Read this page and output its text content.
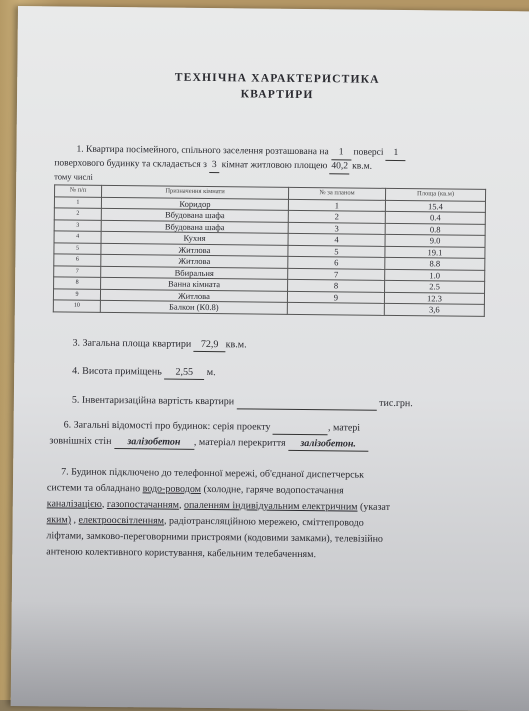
ТЕХНІЧНА ХАРАКТЕРИСТИКА
КВАРТИРИ
1. Квартира посімейного, спільного заселення розташована на 1 поверсі 1
поверхового будинку та складається з 3 кімнат житловою площею 40,2 кв.м.
тому числі
№ п/п	Призначення кімнати	№ за планом	Площа (кв.м)
1	Коридор	1	15.4
2	Вбудована шафа	2	0.4
3	Вбудована шафа	3	0.8
4	Кухня	4	9.0
5	Житлова	5	19.1
6	Житлова	6	8.8
7	Вбиральня	7	1.0
8	Ванна кімната	8	2.5
9	Житлова	9	12.3
10	Балкон (К0.8)		3,6
3. Загальна площа квартири 72,9 кв.м.
4. Висота приміщень 2,55 м.
5. Інвентаризаційна вартість квартири	тис.грн.
6. Загальні відомості про будинок: серія проекту	, матері
зовнішніх стін залізобетон , матеріал перекриття залізобетон.
7. Будинок підключено до телефонної мережі, об'єднаної диспетчерськ
системи та обладнано водо-роводом (холодне, гаряче водопостачання
каналізацією, газопостачанням, опаленням індивідуальним електричним (указат
яким) , електроосвітленням, радіотрансляційною мережею, сміттепроводо
ліфтами, замково-переговорними пристроями (кодовими замками), телевізійно
антеною колективного користування, кабельним телебаченням.
